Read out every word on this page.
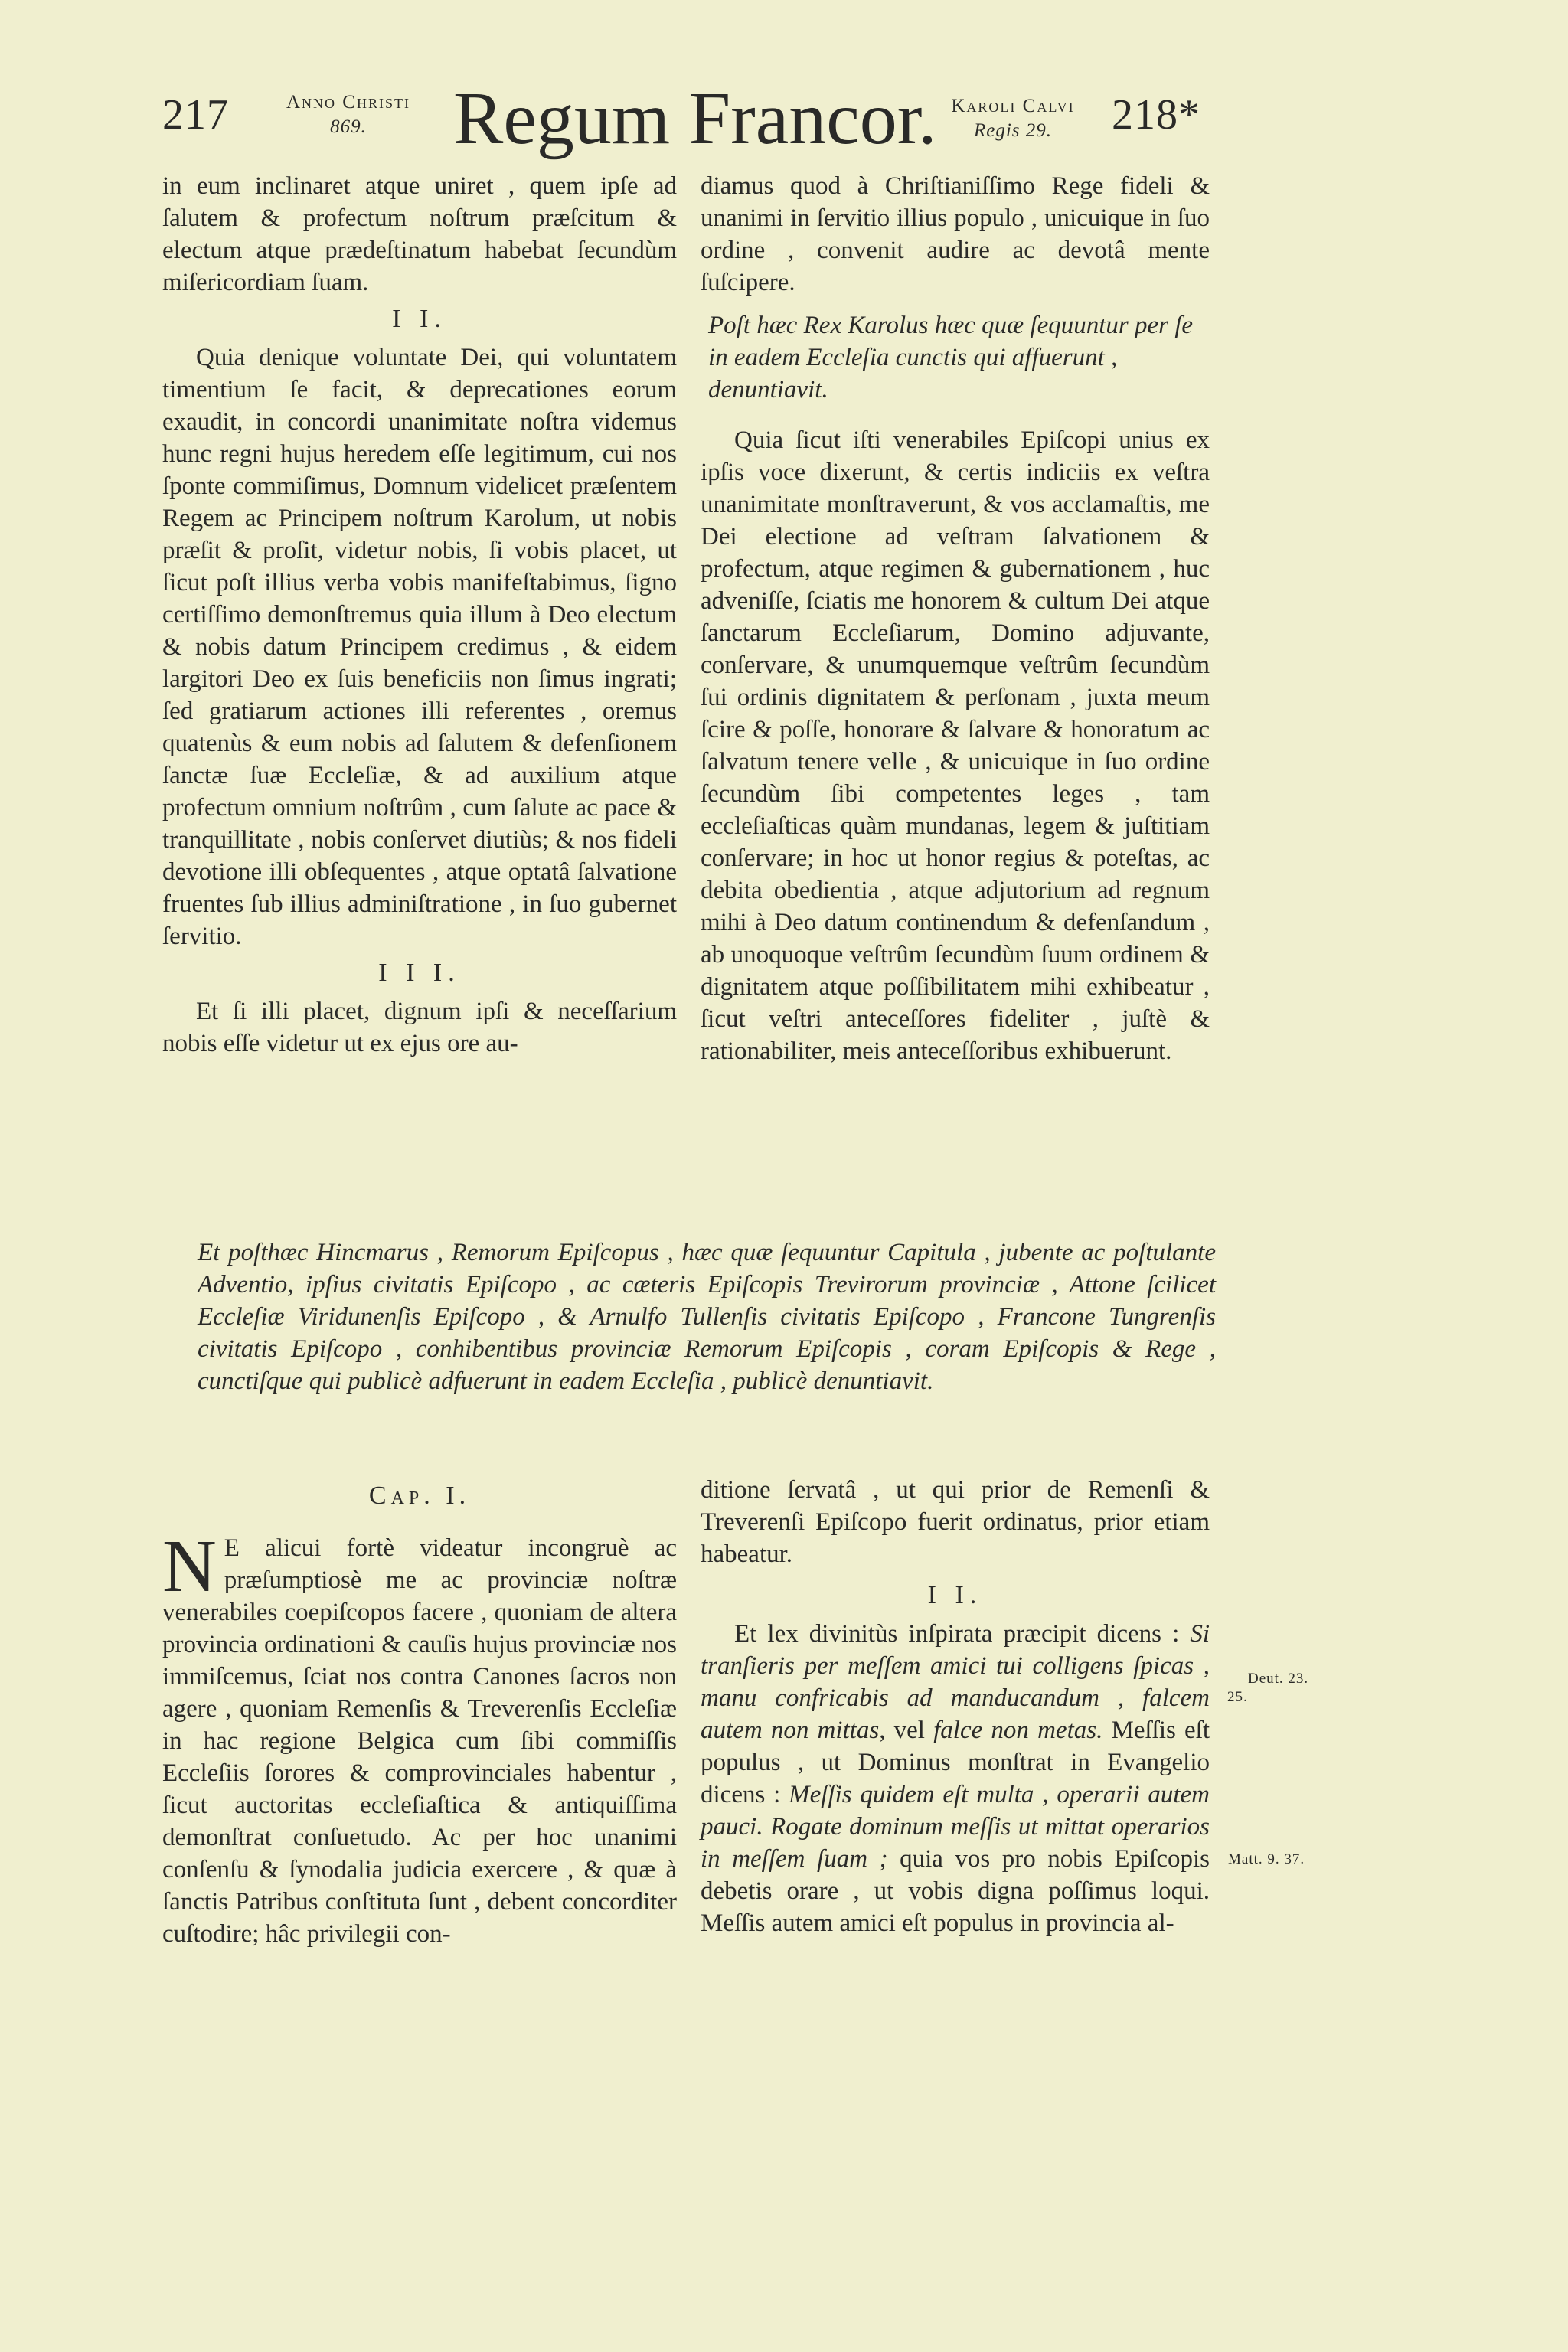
217	Anno Christi
869.	Regum Francor. Karoli Calvi
Regis 29.	218*

in eum inclinaret atque uniret , quem ipſe ad ſalutem & profectum noſtrum præſcitum & electum atque prædeſtinatum habebat ſecundùm miſericordiam ſuam.

I I.

Quia denique voluntate Dei, qui voluntatem timentium ſe facit, & deprecationes eorum exaudit, in concordi unanimitate noſtra videmus hunc regni hujus heredem eſſe legitimum, cui nos ſponte commiſimus, Domnum videlicet præſentem Regem ac Principem noſtrum Karolum, ut nobis præſit & proſit, videtur nobis, ſi vobis placet, ut ſicut poſt illius verba vobis manifeſtabimus, ſigno certiſſimo demonſtremus quia illum à Deo electum & nobis datum Principem credimus , & eidem largitori Deo ex ſuis beneficiis non ſimus ingrati; ſed gratiarum actiones illi referentes , oremus quatenùs & eum nobis ad ſalutem & defenſionem ſanctæ ſuæ Eccleſiæ, & ad auxilium atque profectum omnium noſtrûm , cum ſalute ac pace & tranquillitate , nobis conſervet diutiùs; & nos fideli devotione illi obſequentes , atque optatâ ſalvatione fruentes ſub illius adminiſtratione , in ſuo gubernet ſervitio.

I I I.

Et ſi illi placet, dignum ipſi & neceſſarium nobis eſſe videtur ut ex ejus ore au-

diamus quod à Chriſtianiſſimo Rege fideli & unanimi in ſervitio illius populo , unicuique in ſuo ordine , convenit audire ac devotâ mente ſuſcipere.

Poſt hæc Rex Karolus hæc quæ ſequuntur per ſe in eadem Eccleſia cunctis qui affuerunt , denuntiavit.

Quia ſicut iſti venerabiles Epiſcopi unius ex ipſis voce dixerunt, & certis indiciis ex veſtra unanimitate monſtraverunt, & vos acclamaſtis, me Dei electione ad veſtram ſalvationem & profectum, atque regimen & gubernationem , huc adveniſſe, ſciatis me honorem & cultum Dei atque ſanctarum Eccleſiarum, Domino adjuvante, conſervare, & unumquemque veſtrûm ſecundùm ſui ordinis dignitatem & perſonam , juxta meum ſcire & poſſe, honorare & ſalvare & honoratum ac ſalvatum tenere velle , & unicuique in ſuo ordine ſecundùm ſibi competentes leges , tam eccleſiaſticas quàm mundanas, legem & juſtitiam conſervare; in hoc ut honor regius & poteſtas, ac debita obedientia , atque adjutorium ad regnum mihi à Deo datum continendum & defenſandum , ab unoquoque veſtrûm ſecundùm ſuum ordinem & dignitatem atque poſſibilitatem mihi exhibeatur , ſicut veſtri anteceſſores fideliter , juſtè & rationabiliter, meis anteceſſoribus exhibuerunt.

Et poſthæc Hincmarus , Remorum Epiſcopus , hæc quæ ſequuntur Capitula , jubente ac poſtulante Adventio, ipſius civitatis Epiſcopo , ac cæteris Epiſcopis Trevirorum provinciæ , Attone ſcilicet Eccleſiæ Viridunenſis Epiſcopo , & Arnulfo Tullenſis civitatis Epiſcopo , Francone Tungrenſis civitatis Epiſcopo , conhibentibus provinciæ Remorum Epiſcopis , coram Epiſcopis & Rege , cunctiſque qui publicè adfuerunt in eadem Eccleſia , publicè denuntiavit.

Cap. I.

N E alicui fortè videatur incongruè ac præſumptiosè me ac provinciæ noſtræ venerabiles coepiſcopos facere , quoniam de altera provincia ordinationi & cauſis hujus provinciæ nos immiſcemus, ſciat nos contra Canones ſacros non agere , quoniam Remenſis & Treverenſis Eccleſiæ in hac regione Belgica cum ſibi commiſſis Eccleſiis ſorores & comprovinciales habentur , ſicut auctoritas eccleſiaſtica & antiquiſſima demonſtrat conſuetudo. Ac per hoc unanimi conſenſu & ſynodalia judicia exercere , & quæ à ſanctis Patribus conſtituta ſunt , debent concorditer cuſtodire; hâc privilegii con-

ditione ſervatâ , ut qui prior de Remenſi & Treverenſi Epiſcopo fuerit ordinatus, prior etiam habeatur.

I I.

Et lex divinitùs inſpirata præcipit dicens : Si tranſieris per meſſem amici tui colligens ſpicas , manu confricabis ad manducandum , falcem autem non mittas, vel falce non metas. Meſſis eſt populus , ut Dominus monſtrat in Evangelio dicens : Meſſis quidem eſt multa , operarii autem pauci. Rogate dominum meſſis ut mittat operarios in meſſem ſuam ; quia vos pro nobis Epiſcopis debetis orare , ut vobis digna poſſimus loqui. Meſſis autem amici eſt populus in provincia al-

Deut. 23.
25.
Matt. 9. 37.
